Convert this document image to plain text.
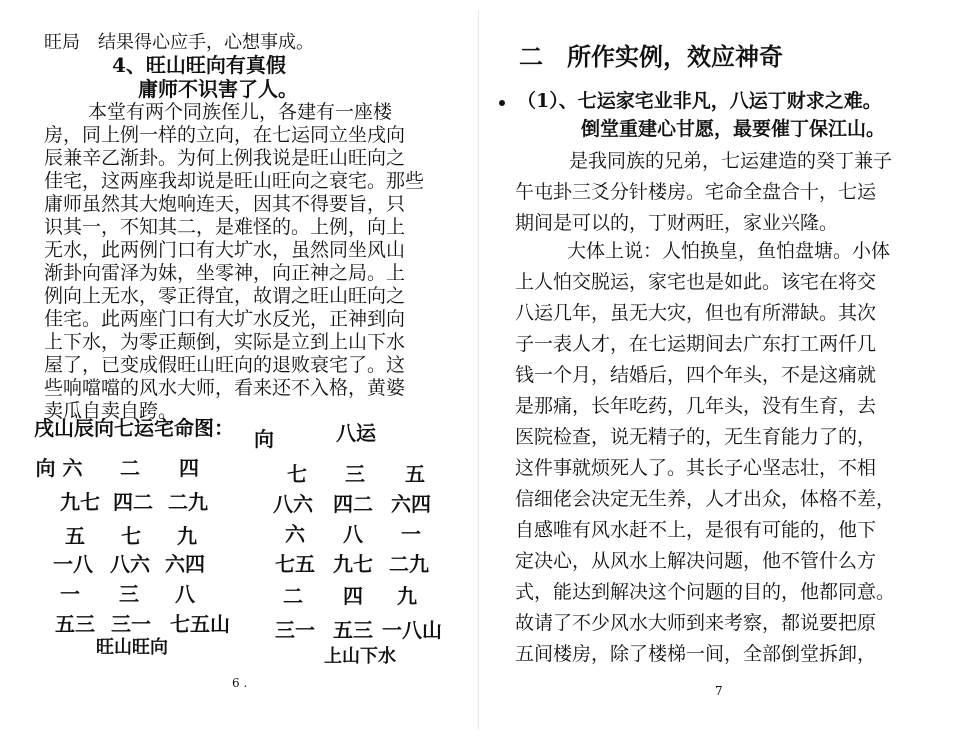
旺局　结果得心应手，心想事成。
4、旺山旺向有真假
庸师不识害了人。
本堂有两个同族侄儿，各建有一座楼
房，同上例一样的立向，在七运同立坐戌向
辰兼辛乙渐卦。为何上例我说是旺山旺向之
佳宅，这两座我却说是旺山旺向之衰宅。那些
庸师虽然其大炮响连天，因其不得要旨，只
识其一，不知其二，是难怪的。上例，向上
无水，此两例门口有大圹水，虽然同坐风山
渐卦向雷泽为妹，坐零神，向正神之局。上
例向上无水，零正得宜，故谓之旺山旺向之
佳宅。此两座门口有大圹水反光，正神到向
上下水，为零正颠倒，实际是立到上山下水
屋了，已变成假旺山旺向的退败衰宅了。这
些响噹噹的风水大师，看来还不入格，黄婆
卖瓜自卖自跨。
戌山辰向七运宅命图：	八运
向
向 六	二	四
九七 四二 二九
五	七	九
一八 八六 六四
一	三	八
五三 三一 七五山
旺山旺向
七	三	五
八六	四二 六四
六	八	一
七五 九七 二九
二	四	九
三一 五三 一八山
上山下水
6 .
二　所作实例，效应神奇
（1）、七运家宅业非凡，八运丁财求之难。
倒堂重建心甘愿，最要催丁保江山。
是我同族的兄弟，七运建造的癸丁兼子
午屯卦三爻分针楼房。宅命全盘合十，七运
期间是可以的，丁财两旺，家业兴隆。
大体上说：人怕换皇，鱼怕盘塘。小体
上人怕交脱运，家宅也是如此。该宅在将交
八运几年，虽无大灾，但也有所滞缺。其次
子一表人才，在七运期间去广东打工两仟几
钱一个月，结婚后，四个年头，不是这痛就
是那痛，长年吃药，几年头，没有生育，去
医院检查，说无精子的，无生育能力了的，
这件事就烦死人了。其长子心坚志壮，不相
信细佬会决定无生养，人才出众，体格不差，
自感唯有风水赶不上，是很有可能的，他下
定决心，从风水上解决问题，他不管什么方
式，能达到解决这个问题的目的，他都同意。
故请了不少风水大师到来考察，都说要把原
五间楼房，除了楼梯一间，全部倒堂拆卸，
7
